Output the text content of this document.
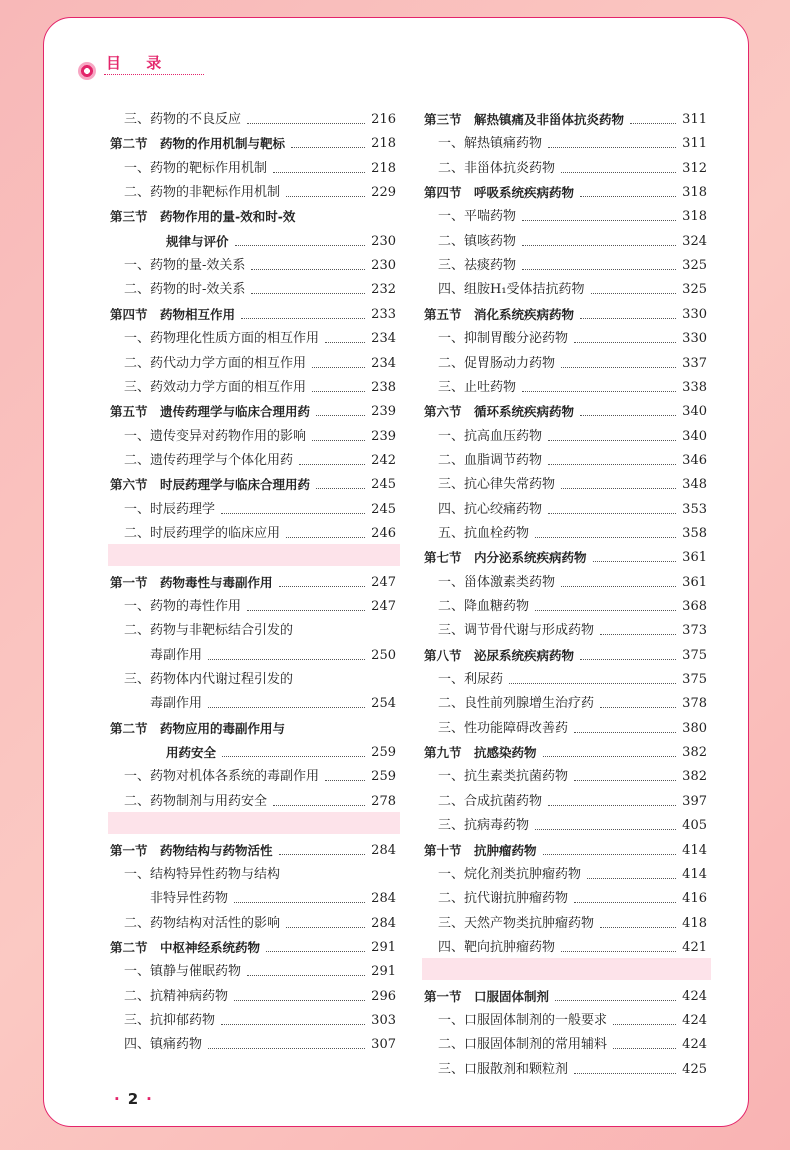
目 录
三、药物的不良反应	216
第二节　药物的作用机制与靶标	218
一、药物的靶标作用机制	218
二、药物的非靶标作用机制	229
第三节　药物作用的量-效和时-效
规律与评价	230
一、药物的量-效关系	230
二、药物的时-效关系	232
第四节　药物相互作用	233
一、药物理化性质方面的相互作用	234
二、药代动力学方面的相互作用	234
三、药效动力学方面的相互作用	238
第五节　遗传药理学与临床合理用药	239
一、遗传变异对药物作用的影响	239
二、遗传药理学与个体化用药	242
第六节　时辰药理学与临床合理用药	245
一、时辰药理学	245
二、时辰药理学的临床应用	246
第一节　药物毒性与毒副作用	247
一、药物的毒性作用	247
二、药物与非靶标结合引发的
毒副作用	250
三、药物体内代谢过程引发的
毒副作用	254
第二节　药物应用的毒副作用与
用药安全	259
一、药物对机体各系统的毒副作用	259
二、药物制剂与用药安全	278
第一节　药物结构与药物活性	284
一、结构特异性药物与结构
非特异性药物	284
二、药物结构对活性的影响	284
第二节　中枢神经系统药物	291
一、镇静与催眠药物	291
二、抗精神病药物	296
三、抗抑郁药物	303
四、镇痛药物	307
第三节　解热镇痛及非甾体抗炎药物	311
一、解热镇痛药物	311
二、非甾体抗炎药物	312
第四节　呼吸系统疾病药物	318
一、平喘药物	318
二、镇咳药物	324
三、祛痰药物	325
四、组胺H₁受体拮抗药物	325
第五节　消化系统疾病药物	330
一、抑制胃酸分泌药物	330
二、促胃肠动力药物	337
三、止吐药物	338
第六节　循环系统疾病药物	340
一、抗高血压药物	340
二、血脂调节药物	346
三、抗心律失常药物	348
四、抗心绞痛药物	353
五、抗血栓药物	358
第七节　内分泌系统疾病药物	361
一、甾体激素类药物	361
二、降血糖药物	368
三、调节骨代谢与形成药物	373
第八节　泌尿系统疾病药物	375
一、利尿药	375
二、良性前列腺增生治疗药	378
三、性功能障碍改善药	380
第九节　抗感染药物	382
一、抗生素类抗菌药物	382
二、合成抗菌药物	397
三、抗病毒药物	405
第十节　抗肿瘤药物	414
一、烷化剂类抗肿瘤药物	414
二、抗代谢抗肿瘤药物	416
三、天然产物类抗肿瘤药物	418
四、靶向抗肿瘤药物	421
第一节　口服固体制剂	424
一、口服固体制剂的一般要求	424
二、口服固体制剂的常用辅料	424
三、口服散剂和颗粒剂	425
· 2 ·
